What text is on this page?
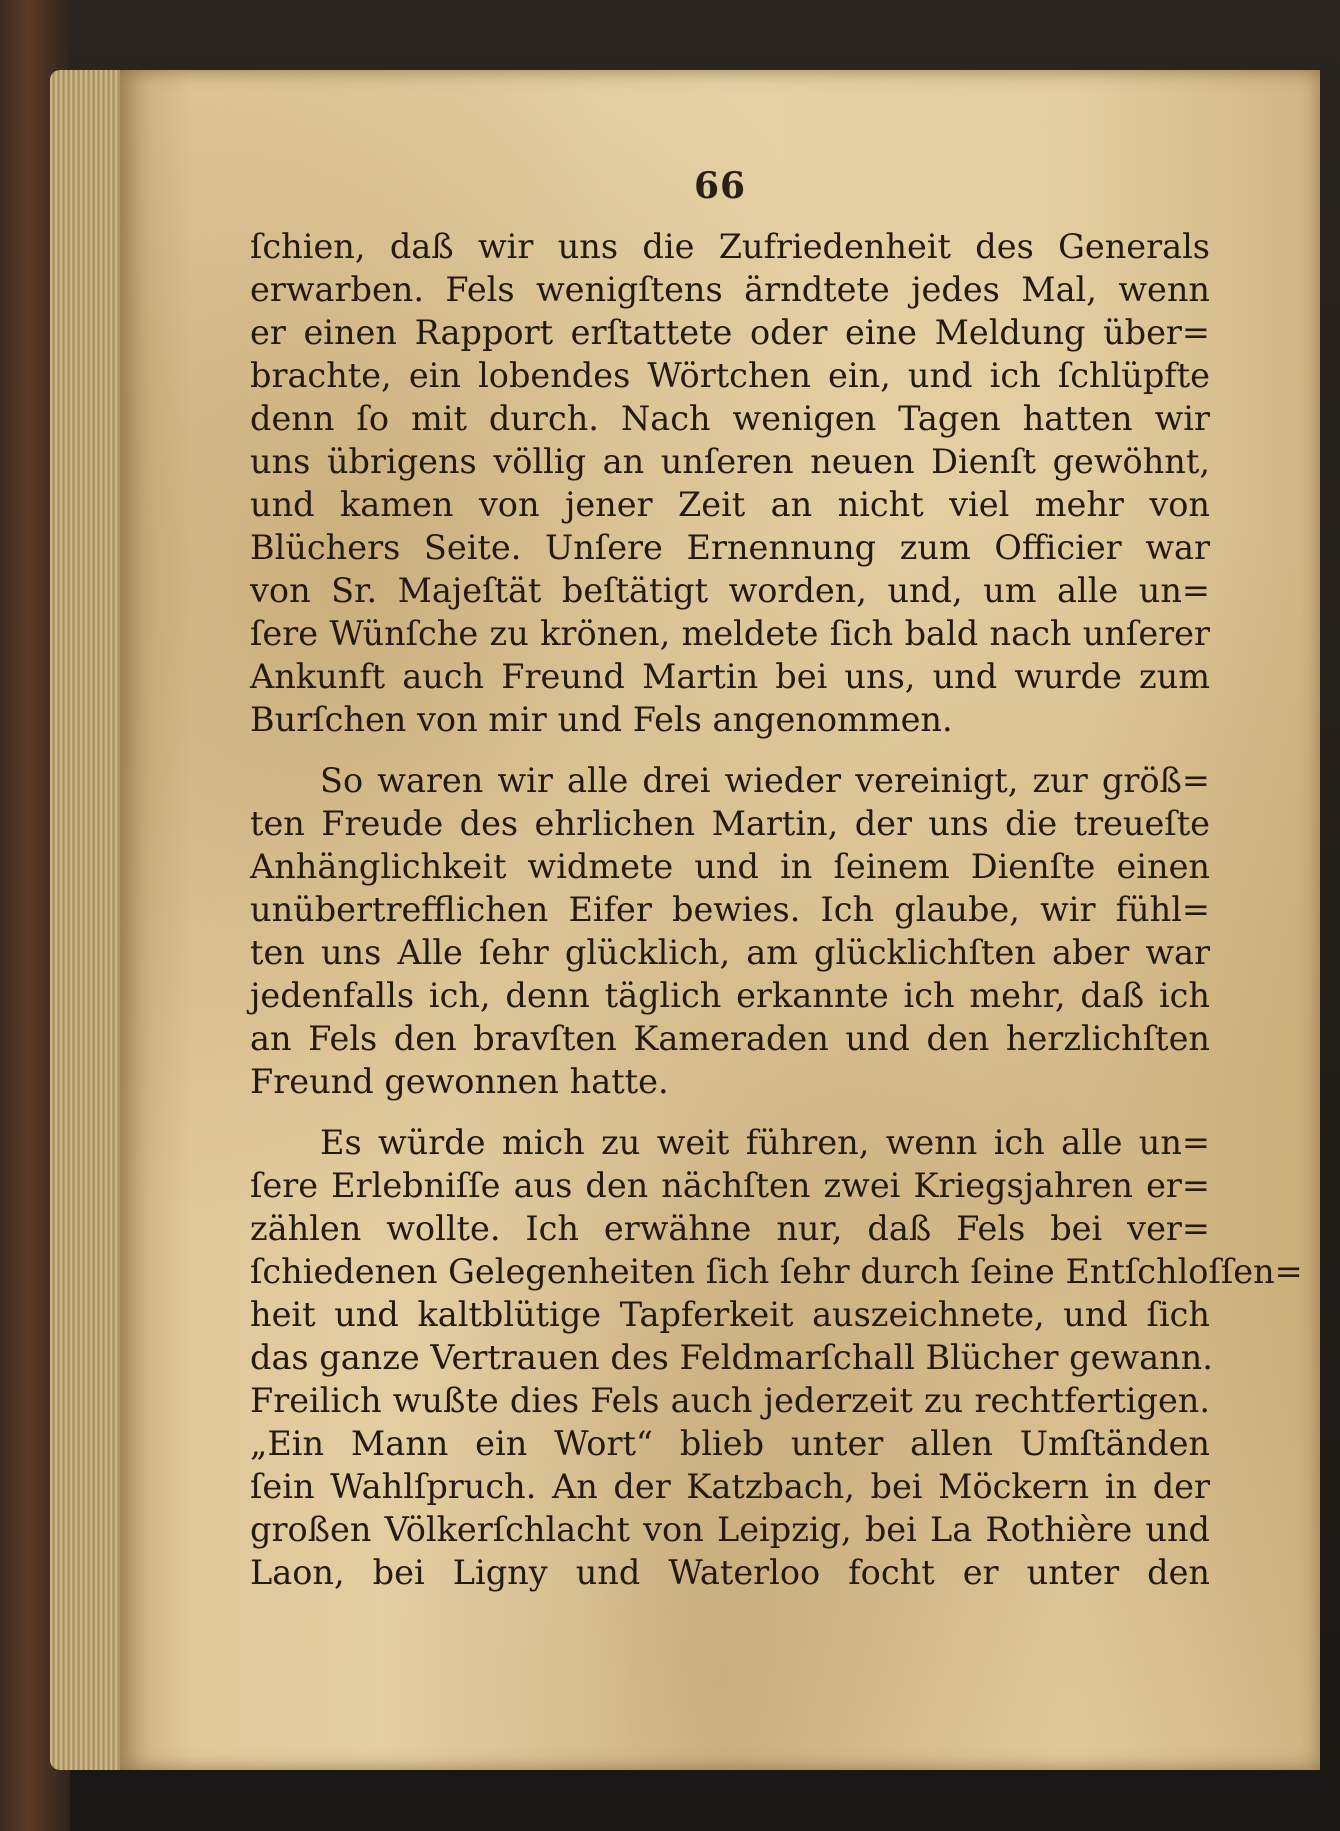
66
ſchien, daß wir uns die Zufriedenheit des Generals
erwarben. Fels wenigſtens ärndtete jedes Mal, wenn
er einen Rapport erſtattete oder eine Meldung über=
brachte, ein lobendes Wörtchen ein, und ich ſchlüpfte
denn ſo mit durch. Nach wenigen Tagen hatten wir
uns übrigens völlig an unſeren neuen Dienſt gewöhnt,
und kamen von jener Zeit an nicht viel mehr von
Blüchers Seite. Unſere Ernennung zum Officier war
von Sr. Majeſtät beſtätigt worden, und, um alle un=
ſere Wünſche zu krönen, meldete ſich bald nach unſerer
Ankunft auch Freund Martin bei uns, und wurde zum
Burſchen von mir und Fels angenommen.
So waren wir alle drei wieder vereinigt, zur größ=
ten Freude des ehrlichen Martin, der uns die treueſte
Anhänglichkeit widmete und in ſeinem Dienſte einen
unübertrefflichen Eifer bewies. Ich glaube, wir fühl=
ten uns Alle ſehr glücklich, am glücklichſten aber war
jedenfalls ich, denn täglich erkannte ich mehr, daß ich
an Fels den bravſten Kameraden und den herzlichſten
Freund gewonnen hatte.
Es würde mich zu weit führen, wenn ich alle un=
ſere Erlebniſſe aus den nächſten zwei Kriegsjahren er=
zählen wollte. Ich erwähne nur, daß Fels bei ver=
ſchiedenen Gelegenheiten ſich ſehr durch ſeine Entſchloſſen=
heit und kaltblütige Tapferkeit auszeichnete, und ſich
das ganze Vertrauen des Feldmarſchall Blücher gewann.
Freilich wußte dies Fels auch jederzeit zu rechtfertigen.
„Ein Mann ein Wort“ blieb unter allen Umſtänden
ſein Wahlſpruch. An der Katzbach, bei Möckern in der
großen Völkerſchlacht von Leipzig, bei La Rothière und
Laon, bei Ligny und Waterloo focht er unter den
